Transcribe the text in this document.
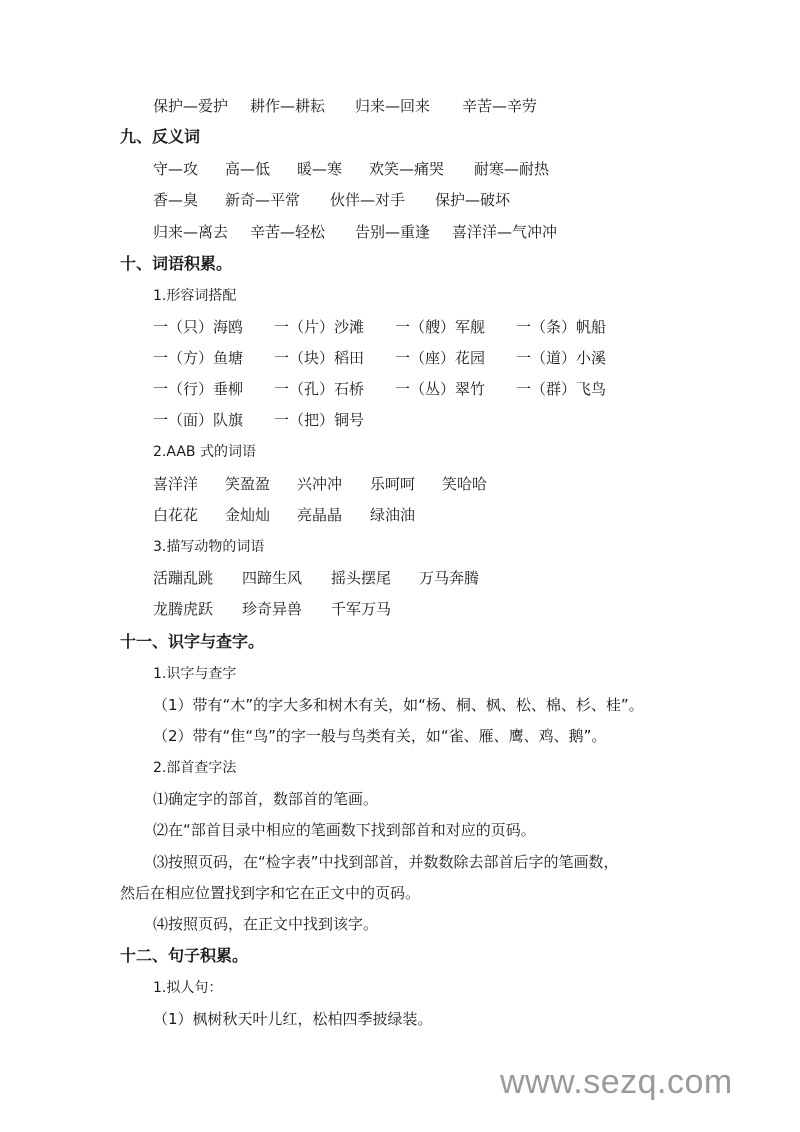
保护—爱护 耕作—耕耘 归来—回来 辛苦—辛劳
九、反义词
守—攻 高—低 暖—寒 欢笑—痛哭 耐寒—耐热
香—臭 新奇—平常 伙伴—对手 保护—破坏
归来—离去 辛苦—轻松 告别—重逢 喜洋洋—气冲冲
十、词语积累。
1.形容词搭配
一（只）海鸥 一（片）沙滩 一（艘）军舰 一（条）帆船
一（方）鱼塘 一（块）稻田 一（座）花园 一（道）小溪
一（行）垂柳 一（孔）石桥 一（丛）翠竹 一（群）飞鸟
一（面）队旗 一（把）铜号
2.AAB 式的词语
喜洋洋 笑盈盈 兴冲冲 乐呵呵 笑哈哈
白花花 金灿灿 亮晶晶 绿油油
3.描写动物的词语
活蹦乱跳 四蹄生风 摇头摆尾 万马奔腾
龙腾虎跃 珍奇异兽 千军万马
十一、识字与查字。
1.识字与查字
（1）带有“木”的字大多和树木有关，如“杨、桐、枫、松、棉、杉、桂”。
（2）带有“隹“鸟”的字一般与鸟类有关，如“雀、雁、鹰、鸡、鹅”。
2.部首查字法
⑴确定字的部首，数部首的笔画。
⑵在“部首目录中相应的笔画数下找到部首和对应的页码。
⑶按照页码，在“检字表”中找到部首，并数数除去部首后字的笔画数，
然后在相应位置找到字和它在正文中的页码。
⑷按照页码，在正文中找到该字。
十二、句子积累。
1.拟人句：
（1）枫树秋天叶儿红，松柏四季披绿装。
www.sezq.com
